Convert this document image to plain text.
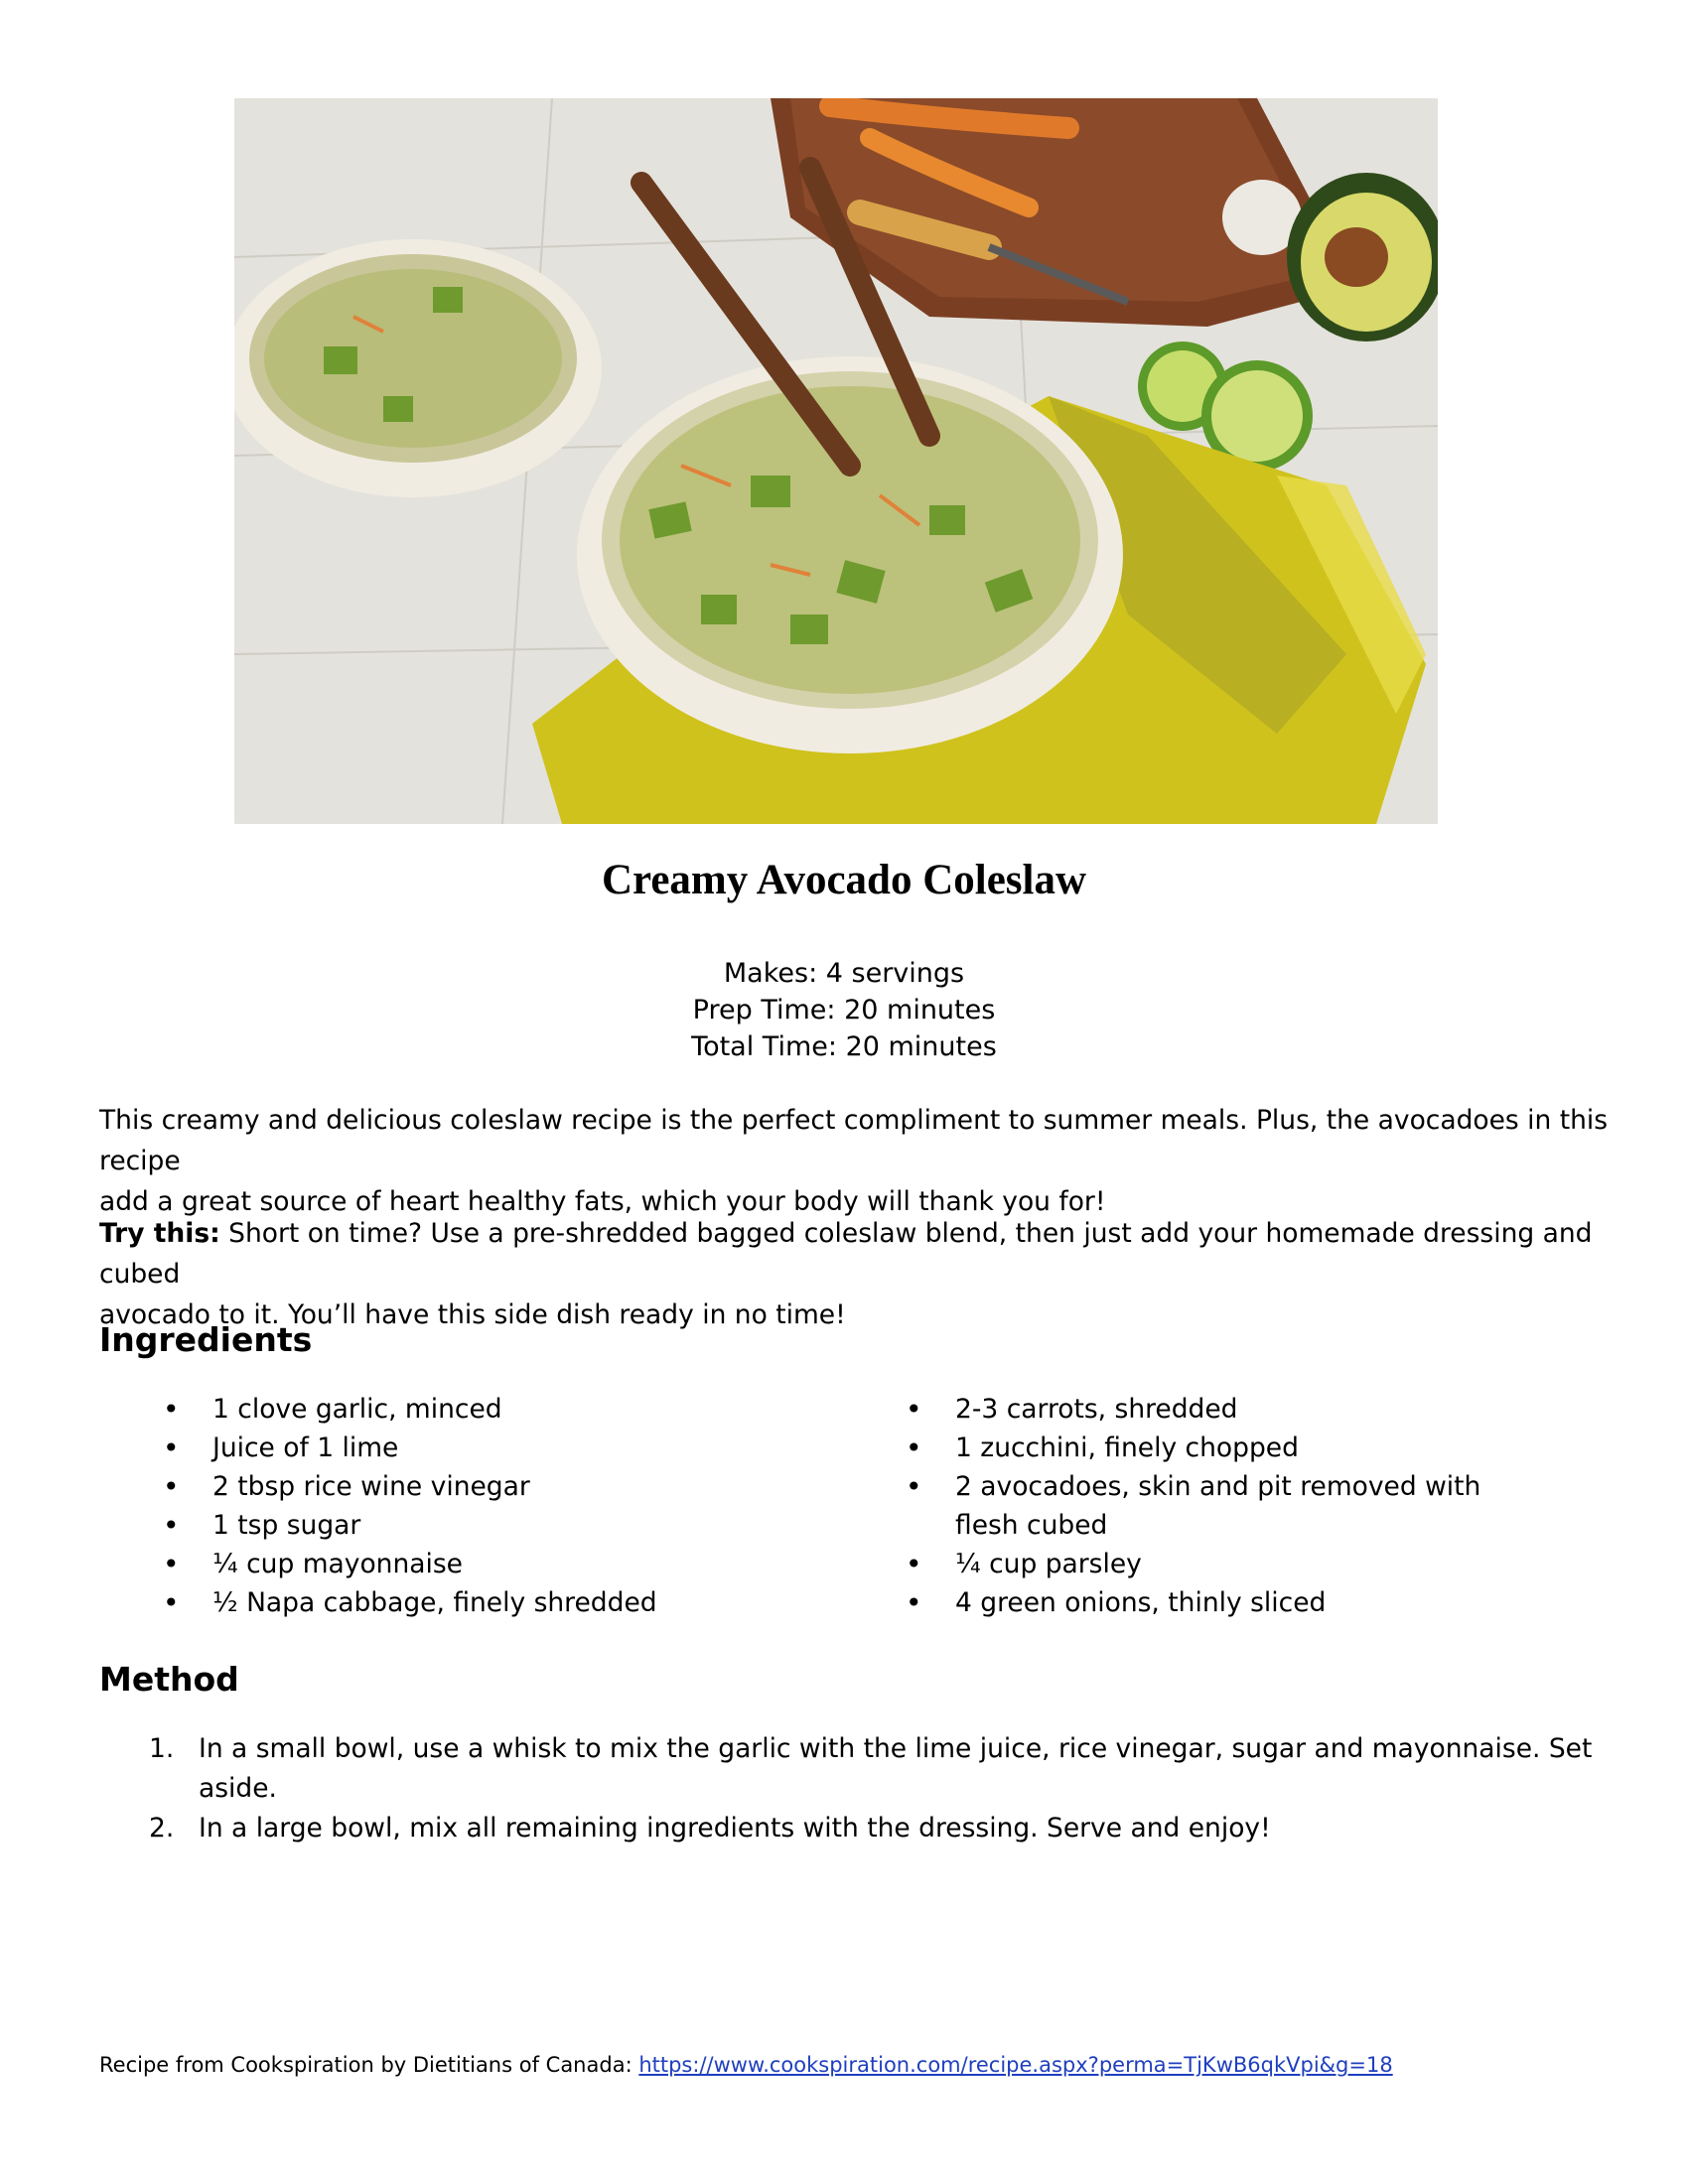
Creamy Avocado Coleslaw
Makes: 4 servings
Prep Time: 20 minutes
Total Time: 20 minutes
This creamy and delicious coleslaw recipe is the perfect compliment to summer meals. Plus, the avocadoes in this recipe
add a great source of heart healthy fats, which your body will thank you for!
Try this: Short on time? Use a pre-shredded bagged coleslaw blend, then just add your homemade dressing and cubed
avocado to it. You’ll have this side dish ready in no time!
Ingredients
• 1 clove garlic, minced
• Juice of 1 lime
• 2 tbsp rice wine vinegar
• 1 tsp sugar
• ¼ cup mayonnaise
• ½ Napa cabbage, finely shredded
• 2-3 carrots, shredded
• 1 zucchini, finely chopped
• 2 avocadoes, skin and pit removed with flesh cubed
• ¼ cup parsley
• 4 green onions, thinly sliced
Method
1. In a small bowl, use a whisk to mix the garlic with the lime juice, rice vinegar, sugar and mayonnaise. Set aside.
2. In a large bowl, mix all remaining ingredients with the dressing. Serve and enjoy!
Recipe from Cookspiration by Dietitians of Canada: https://www.cookspiration.com/recipe.aspx?perma=TjKwB6qkVpi&g=18
